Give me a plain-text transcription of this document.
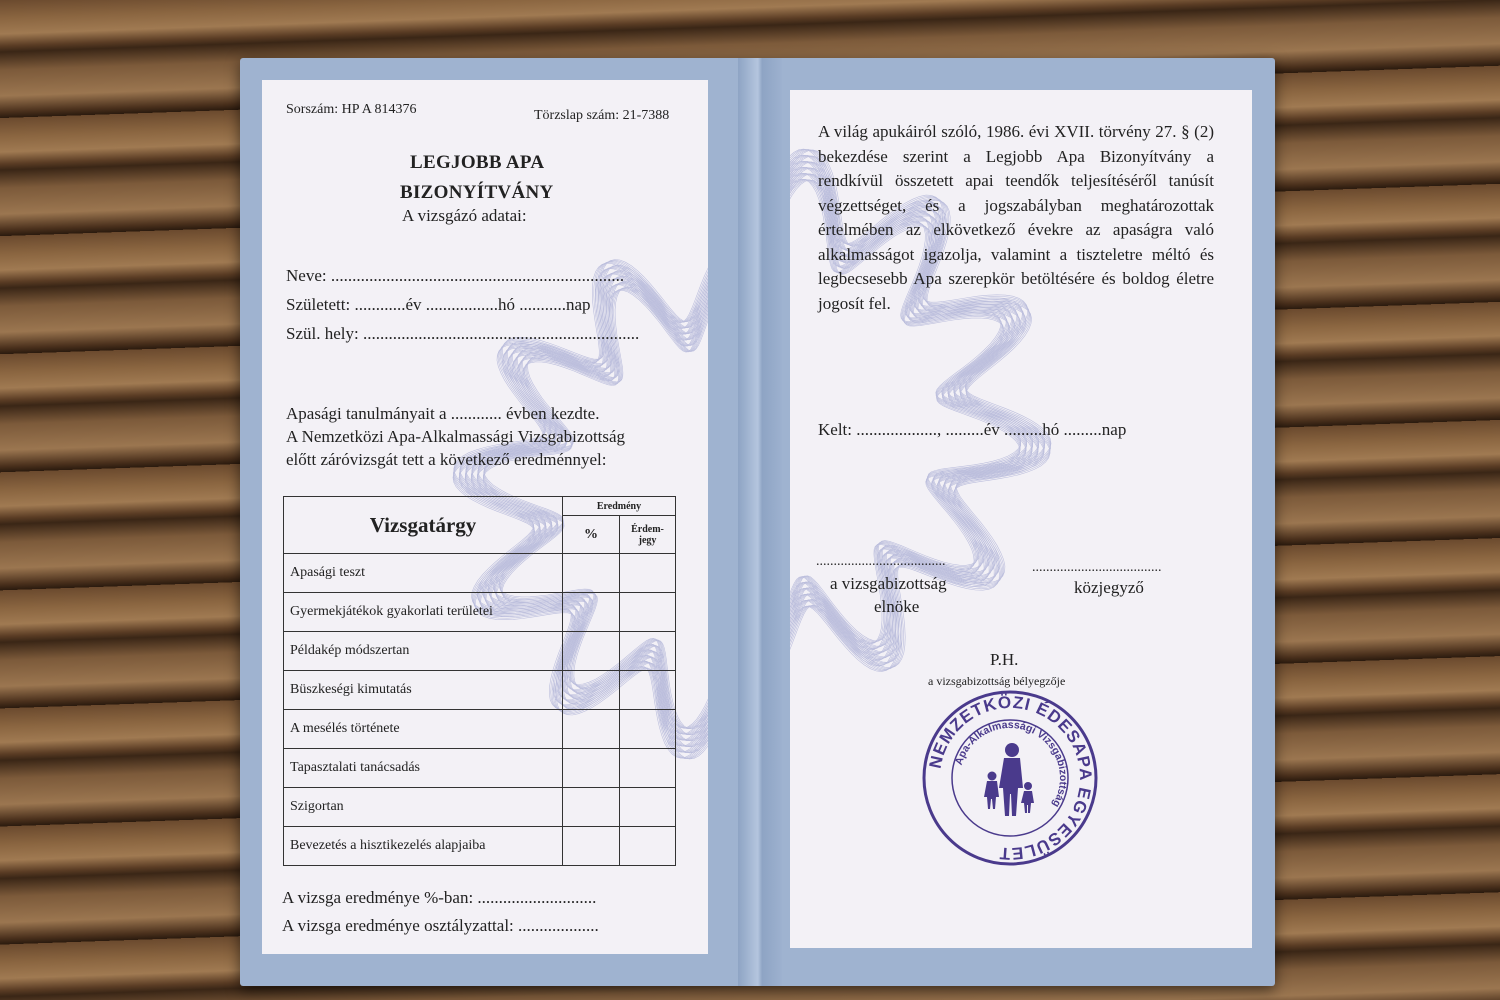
Sorszám: HP A 814376	Törzslap szám: 21-7388
LEGJOBB APA
BIZONYÍTVÁNY
A vizsgázó adatai:
Neve: .....................................................................
Született: ............év .................hó ...........nap
Szül. hely: .................................................................
Apasági tanulmányait a ............ évben kezdte.
A Nemzetközi Apa-Alkalmassági Vizsgabizottság
előtt záróvizsgát tett a következő eredménnyel:
Vizsgatárgy	Eredmény	
	%	Érdem-
jegy
Apasági teszt		
Gyermekjátékok gyakorlati területei		
Példakép módszertan		
Büszkeségi kimutatás		
A mesélés története		
Tapasztalati tanácsadás		
Szigortan		
Bevezetés a hisztikezelés alapjaiba		
A vizsga eredménye %-ban: ............................
A vizsga eredménye osztályzattal: ...................
A világ apukáiról szóló, 1986. évi XVII. törvény 27. § (2) bekezdése szerint a Legjobb Apa Bizonyítvány a rendkívül összetett apai teendők teljesítéséről tanúsít végzettséget, és a jogszabályban meghatározottak értelmében az elkövetkező évekre az apaságra való alkalmasságot igazolja, valamint a tiszteletre méltó és legbecsesebb Apa szerepkör betöltésére és boldog életre jogosít fel.
Kelt: ..................., .........év .........hó .........nap
.....................................	.....................................
a vizsgabizottság
elnöke
közjegyző
P.H.
a vizsgabizottság bélyegzője
NEMZETKÖZI ÉDESAPA EGYESÜLET
Apa-Alkalmassági Vizsgabizottság
